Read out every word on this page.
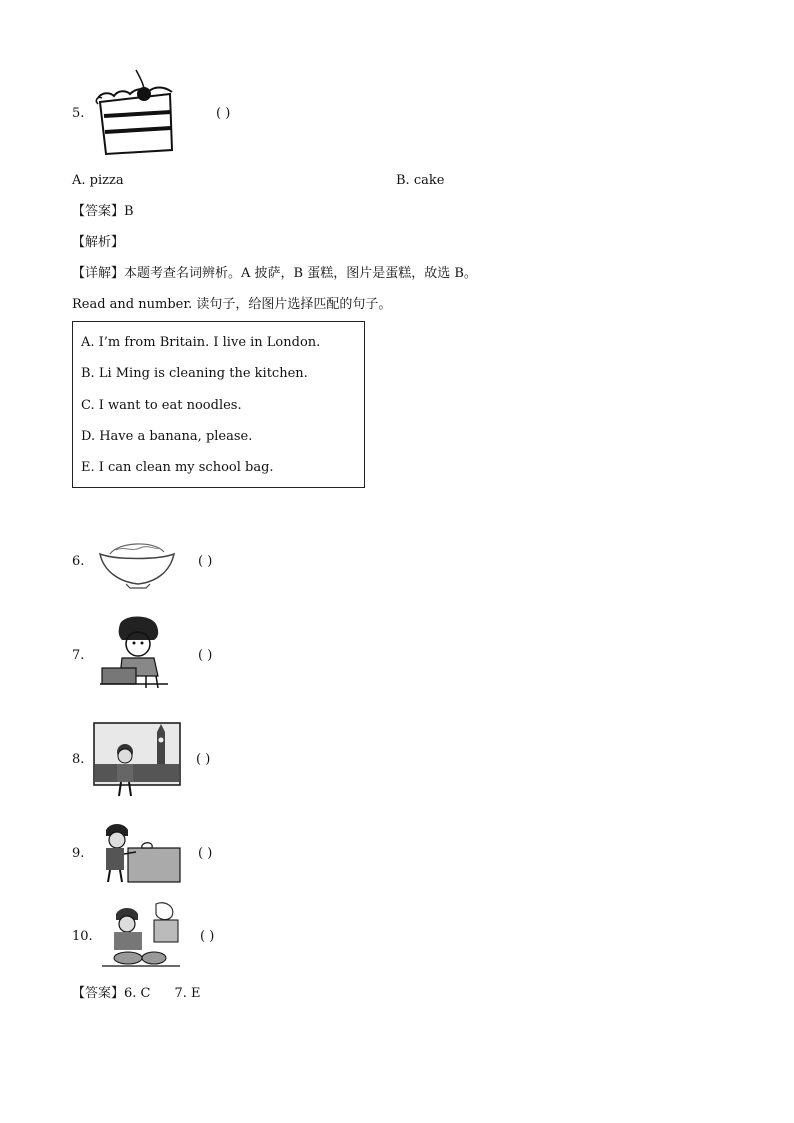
5.	( )
A. pizza	B. cake
【答案】B
【解析】
【详解】本题考查名词辨析。A 披萨，B 蛋糕，图片是蛋糕，故选 B。
Read and number. 读句子，给图片选择匹配的句子。
A. I’m from Britain. I live in London.
B. Li Ming is cleaning the kitchen.
C. I want to eat noodles.
D. Have a banana, please.
E. I can clean my school bag.
6.	( )
7.	( )
8.	( )
9.	( )
10.	( )
【答案】6. C 7. E
